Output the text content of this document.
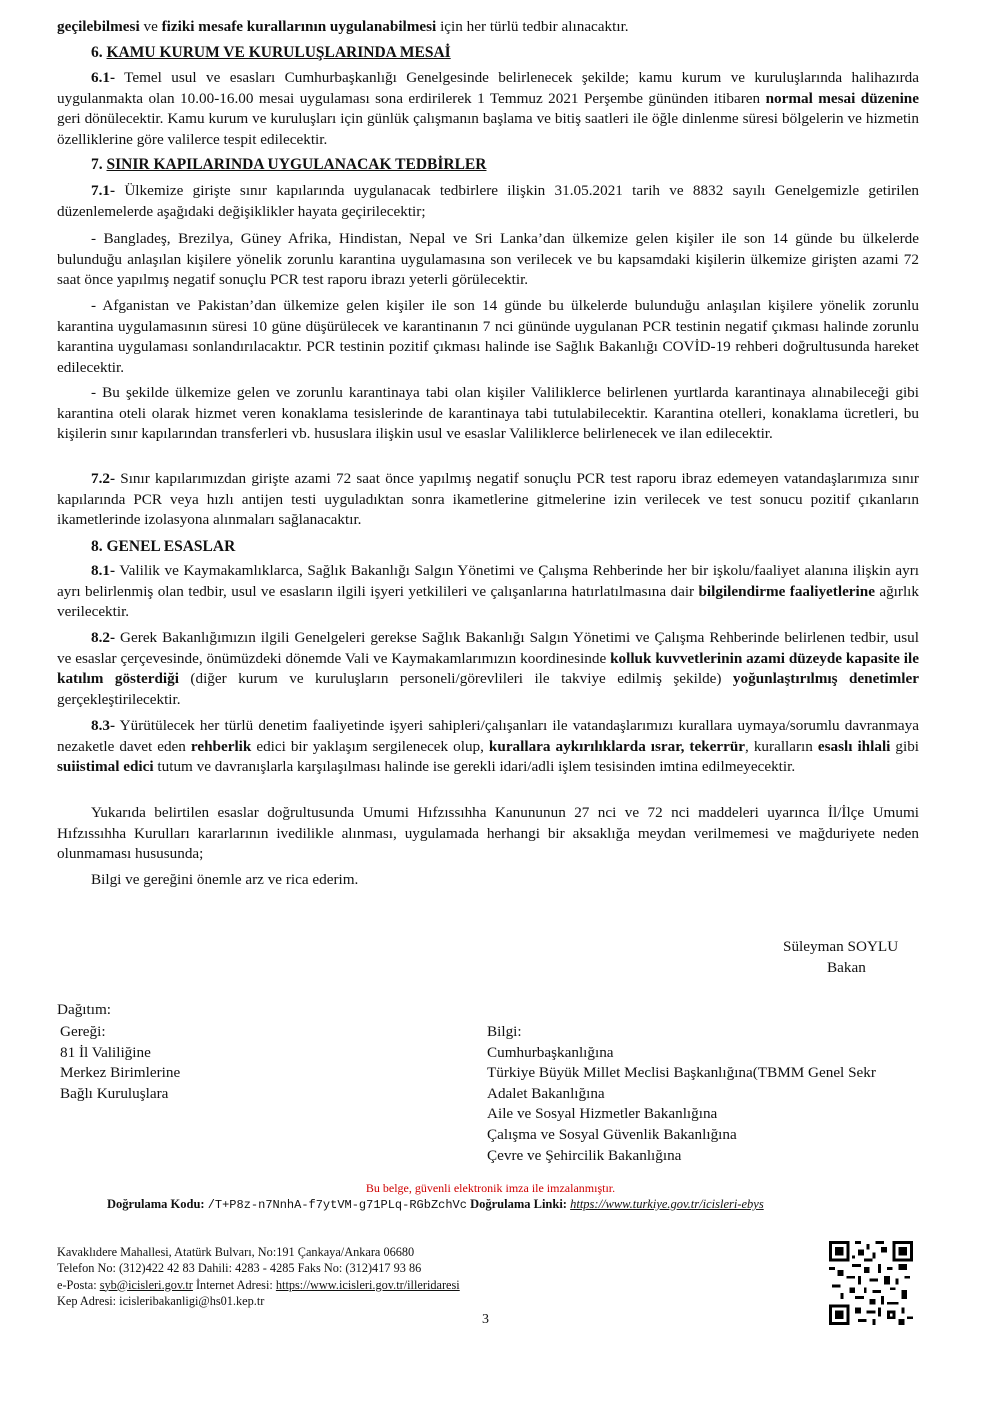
geçilebilmesi ve fiziki mesafe kurallarının uygulanabilmesi için her türlü tedbir alınacaktır.

6. KAMU KURUM VE KURULUŞLARINDA MESAİ

6.1- Temel usul ve esasları Cumhurbaşkanlığı Genelgesinde belirlenecek şekilde; kamu kurum ve kuruluşlarında halihazırda uygulanmakta olan 10.00-16.00 mesai uygulaması sona erdirilerek 1 Temmuz 2021 Perşembe gününden itibaren normal mesai düzenine geri dönülecektir. Kamu kurum ve kuruluşları için günlük çalışmanın başlama ve bitiş saatleri ile öğle dinlenme süresi bölgelerin ve hizmetin özelliklerine göre valilerce tespit edilecektir.

7. SINIR KAPILARINDA UYGULANACAK TEDBİRLER

7.1- Ülkemize girişte sınır kapılarında uygulanacak tedbirlere ilişkin 31.05.2021 tarih ve 8832 sayılı Genelgemizle getirilen düzenlemelerde aşağıdaki değişiklikler hayata geçirilecektir;

- Bangladeş, Brezilya, Güney Afrika, Hindistan, Nepal ve Sri Lanka’dan ülkemize gelen kişiler ile son 14 günde bu ülkelerde bulunduğu anlaşılan kişilere yönelik zorunlu karantina uygulamasına son verilecek ve bu kapsamdaki kişilerin ülkemize girişten azami 72 saat önce yapılmış negatif sonuçlu PCR test raporu ibrazı yeterli görülecektir.

- Afganistan ve Pakistan’dan ülkemize gelen kişiler ile son 14 günde bu ülkelerde bulunduğu anlaşılan kişilere yönelik zorunlu karantina uygulamasının süresi 10 güne düşürülecek ve karantinanın 7 nci gününde uygulanan PCR testinin negatif çıkması halinde zorunlu karantina uygulaması sonlandırılacaktır. PCR testinin pozitif çıkması halinde ise Sağlık Bakanlığı COVİD-19 rehberi doğrultusunda hareket edilecektir.

- Bu şekilde ülkemize gelen ve zorunlu karantinaya tabi olan kişiler Valiliklerce belirlenen yurtlarda karantinaya alınabileceği gibi karantina oteli olarak hizmet veren konaklama tesislerinde de karantinaya tabi tutulabilecektir. Karantina otelleri, konaklama ücretleri, bu kişilerin sınır kapılarından transferleri vb. hususlara ilişkin usul ve esaslar Valiliklerce belirlenecek ve ilan edilecektir.

7.2- Sınır kapılarımızdan girişte azami 72 saat önce yapılmış negatif sonuçlu PCR test raporu ibraz edemeyen vatandaşlarımıza sınır kapılarında PCR veya hızlı antijen testi uyguladıktan sonra ikametlerine gitmelerine izin verilecek ve test sonucu pozitif çıkanların ikametlerinde izolasyona alınmaları sağlanacaktır.

8. GENEL ESASLAR

8.1- Valilik ve Kaymakamlıklarca, Sağlık Bakanlığı Salgın Yönetimi ve Çalışma Rehberinde her bir işkolu/faaliyet alanına ilişkin ayrı ayrı belirlenmiş olan tedbir, usul ve esasların ilgili işyeri yetkilileri ve çalışanlarına hatırlatılmasına dair bilgilendirme faaliyetlerine ağırlık verilecektir.

8.2- Gerek Bakanlığımızın ilgili Genelgeleri gerekse Sağlık Bakanlığı Salgın Yönetimi ve Çalışma Rehberinde belirlenen tedbir, usul ve esaslar çerçevesinde, önümüzdeki dönemde Vali ve Kaymakamlarımızın koordinesinde kolluk kuvvetlerinin azami düzeyde kapasite ile katılım gösterdiği (diğer kurum ve kuruluşların personeli/görevlileri ile takviye edilmiş şekilde) yoğunlaştırılmış denetimler gerçekleştirilecektir.

8.3- Yürütülecek her türlü denetim faaliyetinde işyeri sahipleri/çalışanları ile vatandaşlarımızı kurallara uymaya/sorumlu davranmaya nezaketle davet eden rehberlik edici bir yaklaşım sergilenecek olup, kurallara aykırılıklarda ısrar, tekerrür, kuralların esaslı ihlali gibi suiistimal edici tutum ve davranışlarla karşılaşılması halinde ise gerekli idari/adli işlem tesisinden imtina edilmeyecektir.

Yukarıda belirtilen esaslar doğrultusunda Umumi Hıfzıssıhha Kanununun 27 nci ve 72 nci maddeleri uyarınca İl/İlçe Umumi Hıfzıssıhha Kurulları kararlarının ivedilikle alınması, uygulamada herhangi bir aksaklığa meydan verilmemesi ve mağduriyete neden olunmaması hususunda;

Bilgi ve gereğini önemle arz ve rica ederim.

Süleyman SOYLU
Bakan
Dağıtım:
Gereği:
81 İl Valiliğine
Merkez Birimlerine
Bağlı Kuruluşlara
Bilgi:
Cumhurbaşkanlığına
Türkiye Büyük Millet Meclisi Başkanlığına(TBMM Genel Sekr
Adalet Bakanlığına
Aile ve Sosyal Hizmetler Bakanlığına
Çalışma ve Sosyal Güvenlik Bakanlığına
Çevre ve Şehircilik Bakanlığına
Bu belge, güvenli elektronik imza ile imzalanmıştır.
Doğrulama Kodu: /T+P8z-n7NnhA-f7ytVM-g71PLq-RGbZchVc Doğrulama Linki: https://www.turkiye.gov.tr/icisleri-ebys
Kavaklıdere Mahallesi, Atatürk Bulvarı, No:191 Çankaya/Ankara 06680
Telefon No: (312)422 42 83 Dahili: 4283 - 4285 Faks No: (312)417 93 86
e-Posta: syb@icisleri.gov.tr İnternet Adresi: https://www.icisleri.gov.tr/illeridaresi
Kep Adresi: icisleribakanligi@hs01.kep.tr
3
